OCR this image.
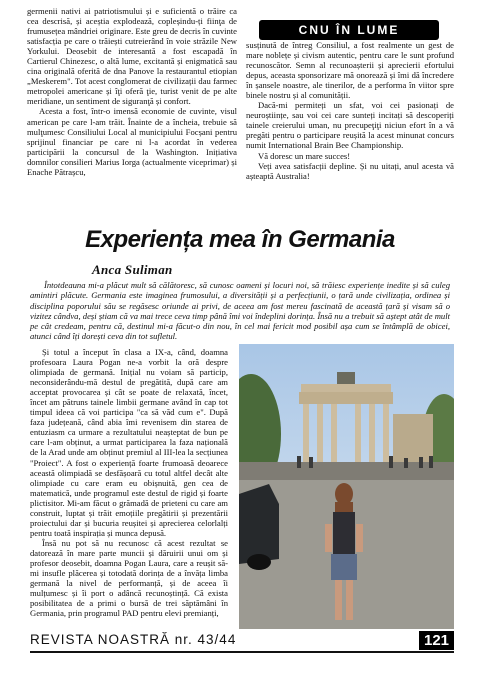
germenii nativi ai patriotismului și e suficientă o trăire ca cea descrisă, și aceștia explodează, copleșindu-ți fiinţa de frumusețea mândriei originare. Este greu de decris în cuvinte satisfacția pe care o trăiești cutreierând în voie străzile New Yorkului. Deosebit de interesantă a fost escapadă în Cartierul Chinezesc, o altă lume, excitantă și enigmatică sau cina originală oferită de dna Panove la restaurantul etiopian „Meskerem". Tot acest conglomerat de civilizații dau farmec metropolei americane și îţi oferă ţie, turist venit de pe alte meridiane, un sentiment de siguranţă și confort.

Acesta a fost, într-o imensă economie de cuvinte, visul american pe care l-am trăit. Înainte de a încheia, trebuie să mulţumesc Consiliului Local al municipiului Focșani pentru sprijinul financiar pe care ni l-a acordat în vederea participării la concursul de la Washington. Inițiativa domnilor consilieri Marius Iorga (actualmente viceprimar) și Enache Pătrașcu,

CNU ÎN LUME

susținută de întreg Consiliul, a fost realmente un gest de mare noblețe și civism autentic, pentru care le sunt profund recunoscător. Semn al recunoașterii și aprecierii efortului depus, aceasta sponsorizare mă onorează și îmi dă încredere în șansele noastre, ale tinerilor, de a performa în viitor spre binele nostru și al comunității.

Dacă-mi permiteți un sfat, voi cei pasionați de neuroștiințe, sau voi cei care sunteți incitați să descoperiți tainele creierului uman, nu precupeţiţi niciun efort în a vă pregăti pentru o participare reușită la acest minunat concurs numit International Brain Bee Championship.

Vă doresc un mare succes!

Veți avea satisfacții depline. Și nu uitați, anul acesta vă așteaptă Australia!

Experiența mea în Germania
Anca Suliman

Întotdeauna mi-a plăcut mult să călătoresc, să cunosc oameni și locuri noi, să trăiesc experiențe inedite și să culeg amintiri plăcute. Germania este imaginea frumosului, a diversității și a perfecțiunii, o țară unde civilizația, ordinea și disciplina poporului său se regăsesc oriunde ai privi, de aceea am fost mereu fascinată de această țară și visam să o vizitez cândva, deși știam că va mai trece ceva timp până îmi voi îndeplini dorința. Însă nu a trebuit să aștept atât de mult pe cât credeam, pentru că, destinul mi-a făcut-o din nou, în cel mai fericit mod posibil așa cum se întâmplă de obicei, atunci când îți dorești ceva din tot sufletul.

Și totul a început în clasa a IX-a, când, doamna profesoara Laura Pogan ne-a vorbit la oră despre olimpiada de germană. Inițial nu voiam să particip, neconsiderându-mă destul de pregătită, după care am acceptat provocarea și cât se poate de relaxată, încet, încet am pătruns tainele limbii germane având în cap tot timpul ideea că voi participa "ca să văd cum e". După faza județeană, când abia îmi revenisem din starea de entuziasm ca urmare a rezultatului neașteptat de bun pe care l-am obținut, a urmat participarea la faza națională de la Arad unde am obținut premiul al III-lea la secțiunea "Proiect". A fost o experiență foarte frumoasă deoarece această olimpiadă se desfășoară cu totul altfel decât alte olimpiade cu care eram eu obișnuită, gen cea de matematică, unde programul este destul de rigid și foarte plictisitor. Mi-am făcut o grămadă de prieteni cu care am construit, luptat și trăit emoțiile pregătirii și prezentării proiectului dar și bucuria reușitei și aprecierea celorlalți pentru toată inspirația și munca depusă.

Însă nu pot să nu recunosc că acest rezultat se datorează în mare parte muncii și dăruirii unui om și profesor deosebit, doamna Pogan Laura, care a reușit să-mi insufle plăcerea și totodată dorința de a învăța limba germană la nivel de performanță, și de aceea îi mulțumesc și îi port o adâncă recunoștință. Că exista posibilitatea de a primi o bursă de trei săptămâni în Germania, prin programul PAD pentru elevi premianți,

REVISTA NOASTRĂ nr. 43/44	121
